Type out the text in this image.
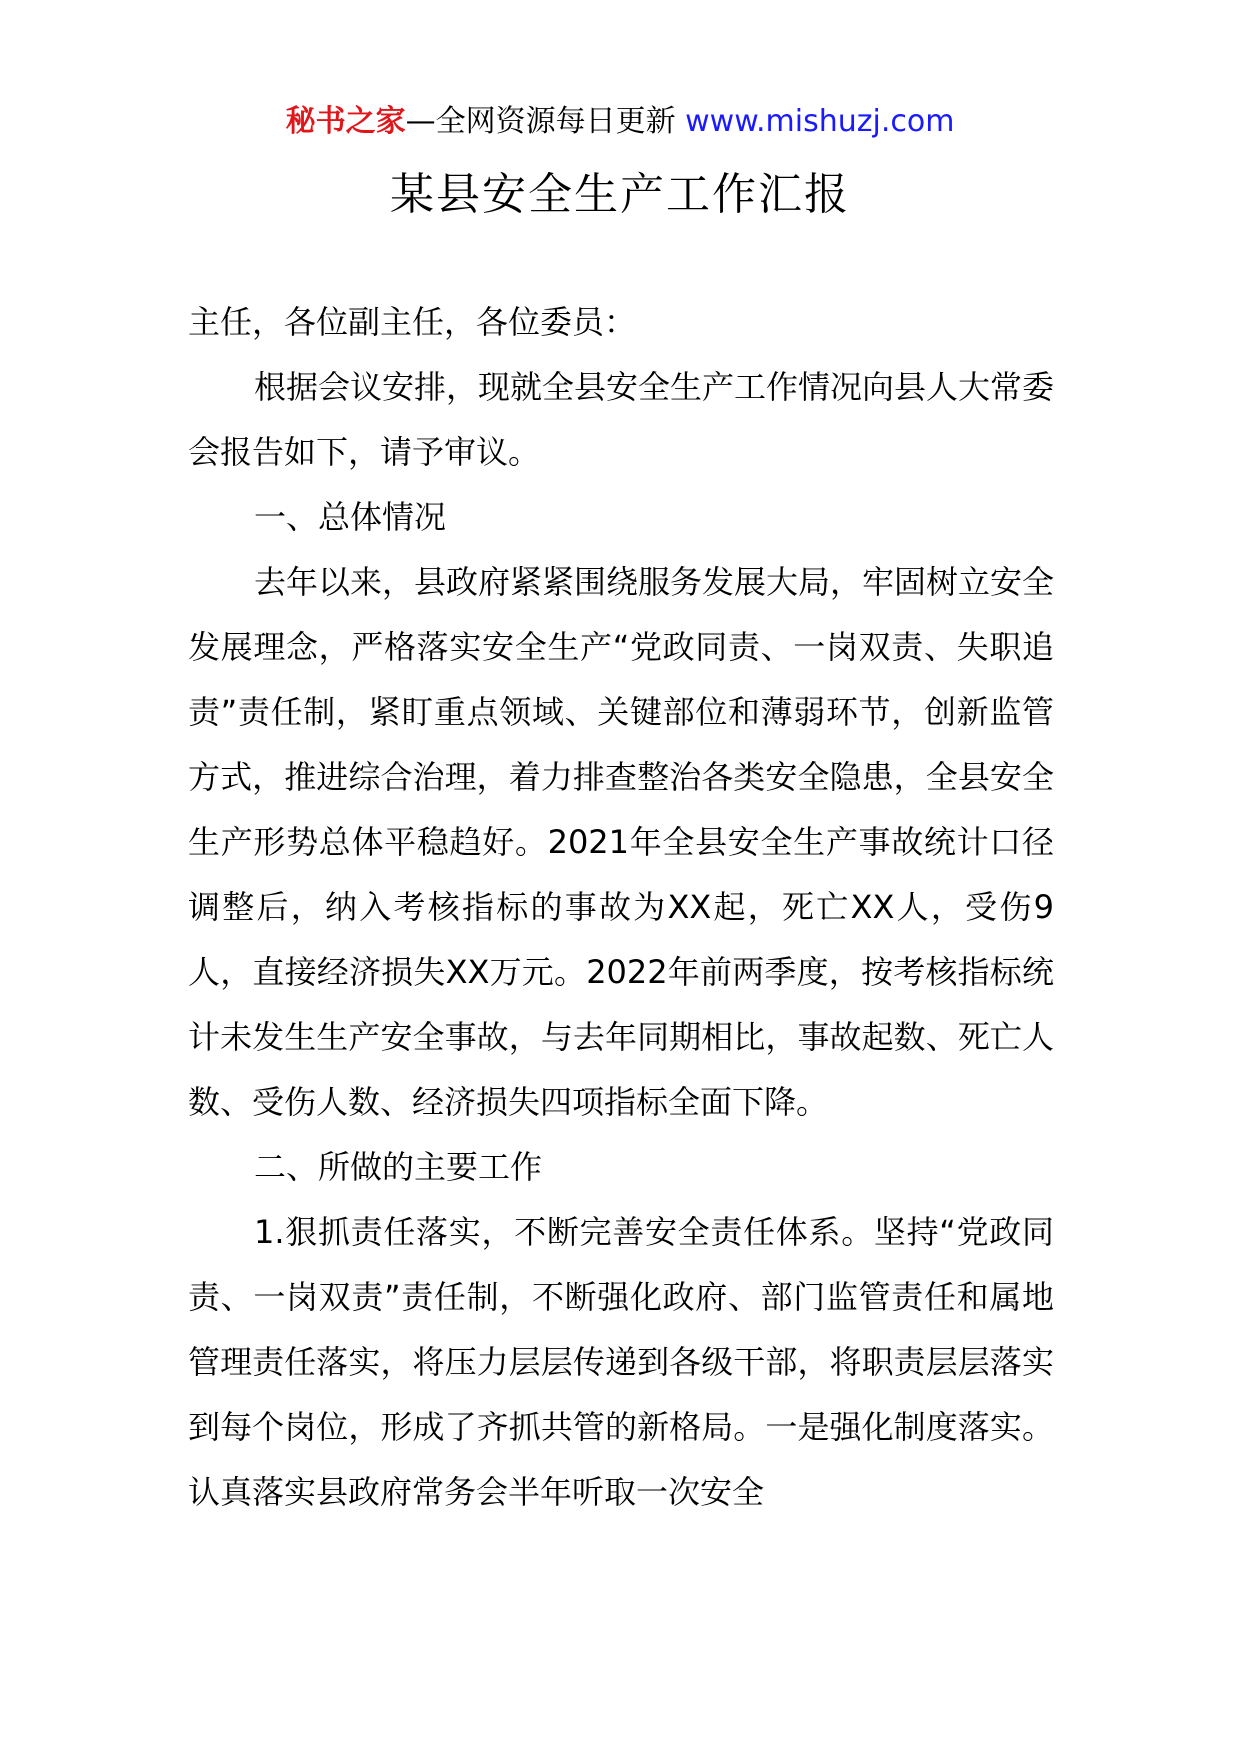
秘书之家—全网资源每日更新 www.mishuzj.com
某县安全生产工作汇报

主任，各位副主任，各位委员：

根据会议安排，现就全县安全生产工作情况向县人大常委会报告如下，请予审议。

一、总体情况

去年以来，县政府紧紧围绕服务发展大局，牢固树立安全发展理念，严格落实安全生产“党政同责、一岗双责、失职追责”责任制，紧盯重点领域、关键部位和薄弱环节，创新监管方式，推进综合治理，着力排查整治各类安全隐患，全县安全生产形势总体平稳趋好。2021年全县安全生产事故统计口径调整后，纳入考核指标的事故为XX起，死亡XX人，受伤9人，直接经济损失XX万元。2022年前两季度，按考核指标统计未发生生产安全事故，与去年同期相比，事故起数、死亡人数、受伤人数、经济损失四项指标全面下降。

二、所做的主要工作

1.狠抓责任落实，不断完善安全责任体系。坚持“党政同责、一岗双责”责任制，不断强化政府、部门监管责任和属地管理责任落实，将压力层层传递到各级干部，将职责层层落实到每个岗位，形成了齐抓共管的新格局。一是强化制度落实。认真落实县政府常务会半年听取一次安全
